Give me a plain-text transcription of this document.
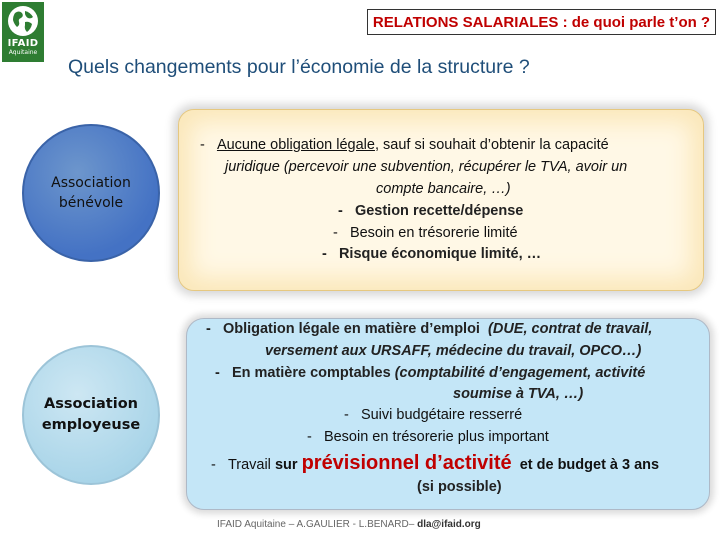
IFAID
Aquitaine
RELATIONS SALARIALES : de quoi parle t’on ?
Quels changements pour l’économie de la structure ?
Association
bénévole
Association
employeuse
- Aucune obligation légale, sauf si souhait d’obtenir la capacité
juridique (percevoir une subvention, récupérer le TVA, avoir un
compte bancaire, …)
- Gestion recette/dépense
- Besoin en trésorerie limité
- Risque économique limité, …
- Obligation légale en matière d’emploi (DUE, contrat de travail,
versement aux URSAFF, médecine du travail, OPCO…)
- En matière comptables (comptabilité d’engagement, activité
soumise à TVA, …)
- Suivi budgétaire resserré
- Besoin en trésorerie plus important
- Travail sur prévisionnel d’activité et de budget à 3 ans
(si possible)
IFAID Aquitaine – A.GAULIER - L.BENARD– dla@ifaid.org
